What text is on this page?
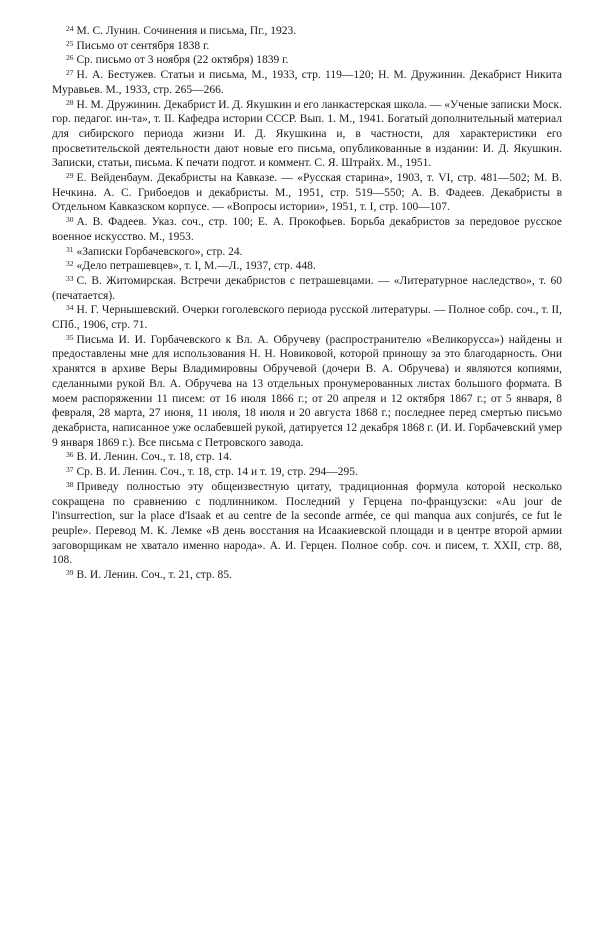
$^{24}$ М. С. Лунин. Сочинения и письма, Пг., 1923.

$^{25}$ Письмо от сентября 1838 г.

$^{26}$ Ср. письмо от 3 ноября (22 октября) 1839 г.

$^{27}$ Н. А. Бестужев. Статьи и письма, М., 1933, стр. 119—120; Н. М. Дружинин. Декабрист Никита Муравьев. М., 1933, стр. 265—266.

$^{28}$ Н. М. Дружинин. Декабрист И. Д. Якушкин и его ланкастерская школа. — «Ученые записки Моск. гор. педагог. ин-та», т. II. Кафедра истории СССР. Вып. 1. М., 1941. Богатый дополнительный материал для сибирского периода жизни И. Д. Якушкина и, в частности, для характеристики его просветительской деятельности дают новые его письма, опубликованные в издании: И. Д. Якушкин. Записки, статьи, письма. К печати подгот. и коммент. С. Я. Штрайх. М., 1951.

$^{29}$ Е. Вейденбаум. Декабристы на Кавказе. — «Русская старина», 1903, т. VI, стр. 481—502; М. В. Нечкина. А. С. Грибоедов и декабристы. М., 1951, стр. 519—550; А. В. Фадеев. Декабристы в Отдельном Кавказском корпусе. — «Вопросы истории», 1951, т. I, стр. 100—107.

$^{30}$ А. В. Фадеев. Указ. соч., стр. 100; Е. А. Прокофьев. Борьба декабристов за передовое русское военное искусство. М., 1953.

$^{31}$ «Записки Горбачевского», стр. 24.

$^{32}$ «Дело петрашевцев», т. I, М.—Л., 1937, стр. 448.

$^{33}$ С. В. Житомирская. Встречи декабристов с петрашевцами. — «Литературное наследство», т. 60 (печатается).

$^{34}$ Н. Г. Чернышевский. Очерки гоголевского периода русской литературы. — Полное собр. соч., т. II, СПб., 1906, стр. 71.

$^{35}$ Письма И. И. Горбачевского к Вл. А. Обручеву (распространителю «Великорусса») найдены и предоставлены мне для использования Н. Н. Новиковой, которой приношу за это благодарность. Они хранятся в архиве Веры Владимировны Обручевой (дочери В. А. Обручева) и являются копиями, сделанными рукой Вл. А. Обручева на 13 отдельных пронумерованных листах большого формата. В моем распоряжении 11 писем: от 16 июля 1866 г.; от 20 апреля и 12 октября 1867 г.; от 5 января, 8 февраля, 28 марта, 27 июня, 11 июля, 18 июля и 20 августа 1868 г.; последнее перед смертью письмо декабриста, написанное уже ослабевшей рукой, датируется 12 декабря 1868 г. (И. И. Горбачевский умер 9 января 1869 г.). Все письма с Петровского завода.

$^{36}$ В. И. Ленин. Соч., т. 18, стр. 14.

$^{37}$ Ср. В. И. Ленин. Соч., т. 18, стр. 14 и т. 19, стр. 294—295.

$^{38}$ Приведу полностью эту общеизвестную цитату, традиционная формула которой несколько сокращена по сравнению с подлинником. Последний у Герцена по-французски: «Au jour de l'insurrection, sur la place d'Isaak et au centre de la seconde armée, ce qui manqua aux conjurés, ce fut le peuple». Перевод М. К. Лемке «В день восстания на Исаакиевской площади и в центре второй армии заговорщикам не хватало именно народа». А. И. Герцен. Полное собр. соч. и писем, т. XXII, стр. 88, 108.

$^{39}$ В. И. Ленин. Соч., т. 21, стр. 85.
